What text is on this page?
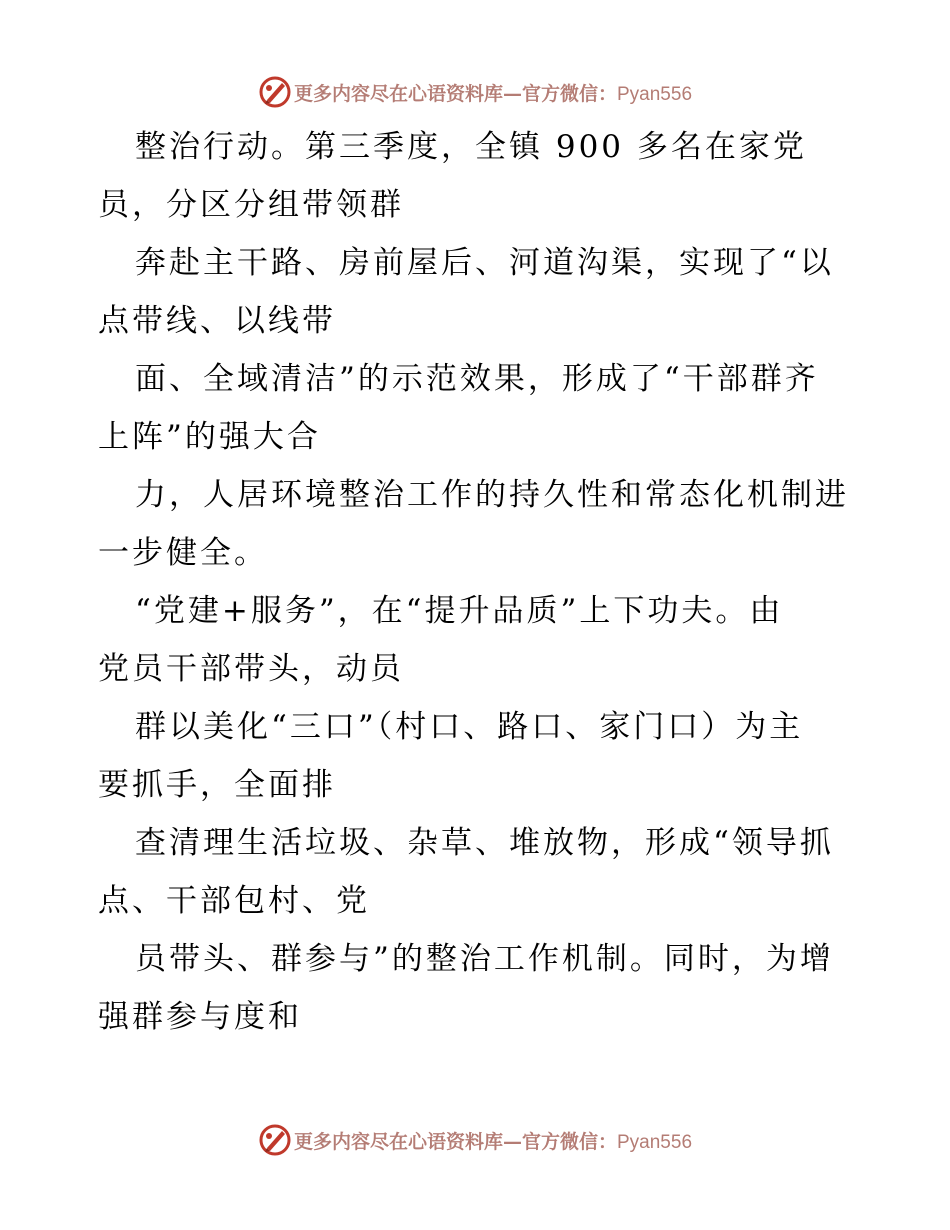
更多内容尽在心语资料库—官方微信：Pyan556
整治行动。第三季度，全镇 900 多名在家党
员，分区分组带领群
奔赴主干路、房前屋后、河道沟渠，实现了“以
点带线、以线带
面、全域清洁”的示范效果，形成了“干部群齐
上阵”的强大合
力，人居环境整治工作的持久性和常态化机制进
一步健全。
“党建+服务”，在“提升品质”上下功夫。由
党员干部带头，动员
群以美化“三口”（村口、路口、家门口）为主
要抓手，全面排
查清理生活垃圾、杂草、堆放物，形成“领导抓
点、干部包村、党
员带头、群参与”的整治工作机制。同时，为增
强群参与度和
更多内容尽在心语资料库—官方微信：Pyan556
